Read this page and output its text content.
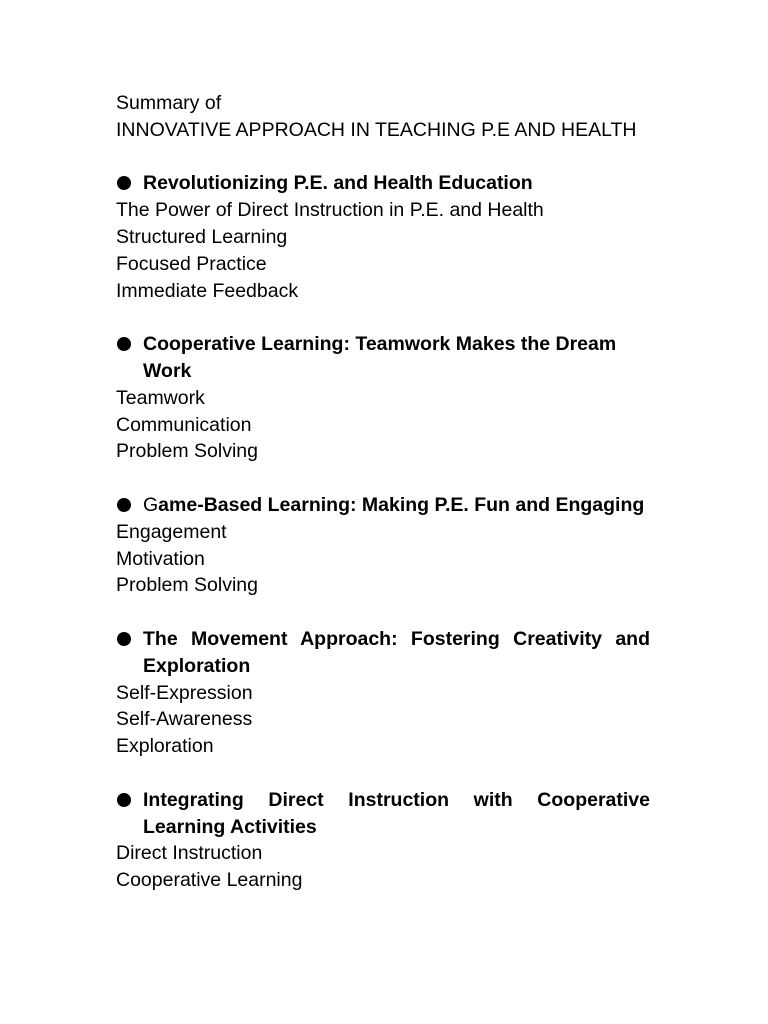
Summary of
INNOVATIVE APPROACH IN TEACHING P.E AND HEALTH
Revolutionizing P.E. and Health Education
The Power of Direct Instruction in P.E. and Health
Structured Learning
Focused Practice
Immediate Feedback
Cooperative Learning: Teamwork Makes the Dream Work
Teamwork
Communication
Problem Solving
Game-Based Learning: Making P.E. Fun and Engaging
Engagement
Motivation
Problem Solving
The Movement Approach: Fostering Creativity and Exploration
Self-Expression
Self-Awareness
Exploration
Integrating Direct Instruction with Cooperative Learning Activities
Direct Instruction
Cooperative Learning
